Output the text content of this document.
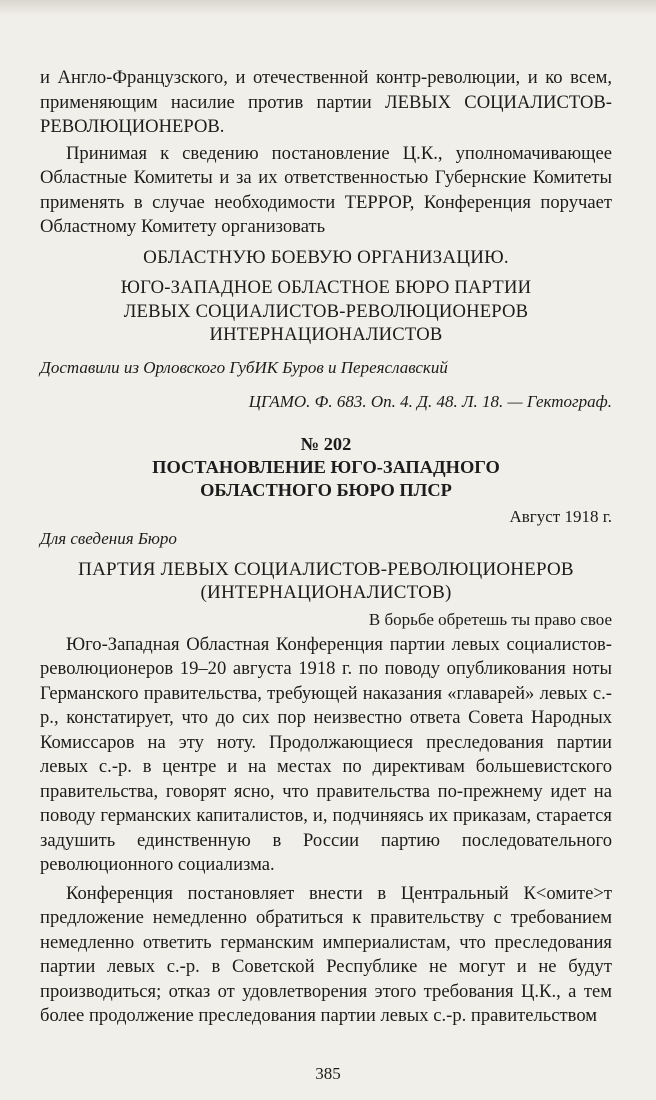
и Англо-Французского, и отечественной контр-революции, и ко всем, применяющим насилие против партии ЛЕВЫХ СОЦИАЛИСТОВ-РЕВОЛЮЦИОНЕРОВ.

Принимая к сведению постановление Ц.К., уполномачивающее Областные Комитеты и за их ответственностью Губернские Комитеты применять в случае необходимости ТЕРРОР, Конференция поручает Областному Комитету организовать

ОБЛАСТНУЮ БОЕВУЮ ОРГАНИЗАЦИЮ.

ЮГО-ЗАПАДНОЕ ОБЛАСТНОЕ БЮРО ПАРТИИ

ЛЕВЫХ СОЦИАЛИСТОВ-РЕВОЛЮЦИОНЕРОВ

ИНТЕРНАЦИОНАЛИСТОВ

Доставили из Орловского ГубИК Буров и Переяславский

ЦГАМО. Ф. 683. Оп. 4. Д. 48. Л. 18. — Гектограф.

№ 202

ПОСТАНОВЛЕНИЕ ЮГО-ЗАПАДНОГО

ОБЛАСТНОГО БЮРО ПЛСР

Август 1918 г.

Для сведения Бюро

ПАРТИЯ ЛЕВЫХ СОЦИАЛИСТОВ-РЕВОЛЮЦИОНЕРОВ

(ИНТЕРНАЦИОНАЛИСТОВ)

В борьбе обретешь ты право свое

Юго-Западная Областная Конференция партии левых социалистов-революционеров 19–20 августа 1918 г. по поводу опубликования ноты Германского правительства, требующей наказания «главарей» левых с.-р., констатирует, что до сих пор неизвестно ответа Совета Народных Комиссаров на эту ноту. Продолжающиеся преследования партии левых с.-р. в центре и на местах по директивам большевистского правительства, говорят ясно, что правительства по-прежнему идет на поводу германских капиталистов, и, подчиняясь их приказам, старается задушить единственную в России партию последовательного революционного социализма.

Конференция постановляет внести в Центральный К<омите>т предложение немедленно обратиться к правительству с требованием немедленно ответить германским империалистам, что преследования партии левых с.-р. в Советской Республике не могут и не будут производиться; отказ от удовлетворения этого требования Ц.К., а тем более продолжение преследования партии левых с.-р. правительством

385
